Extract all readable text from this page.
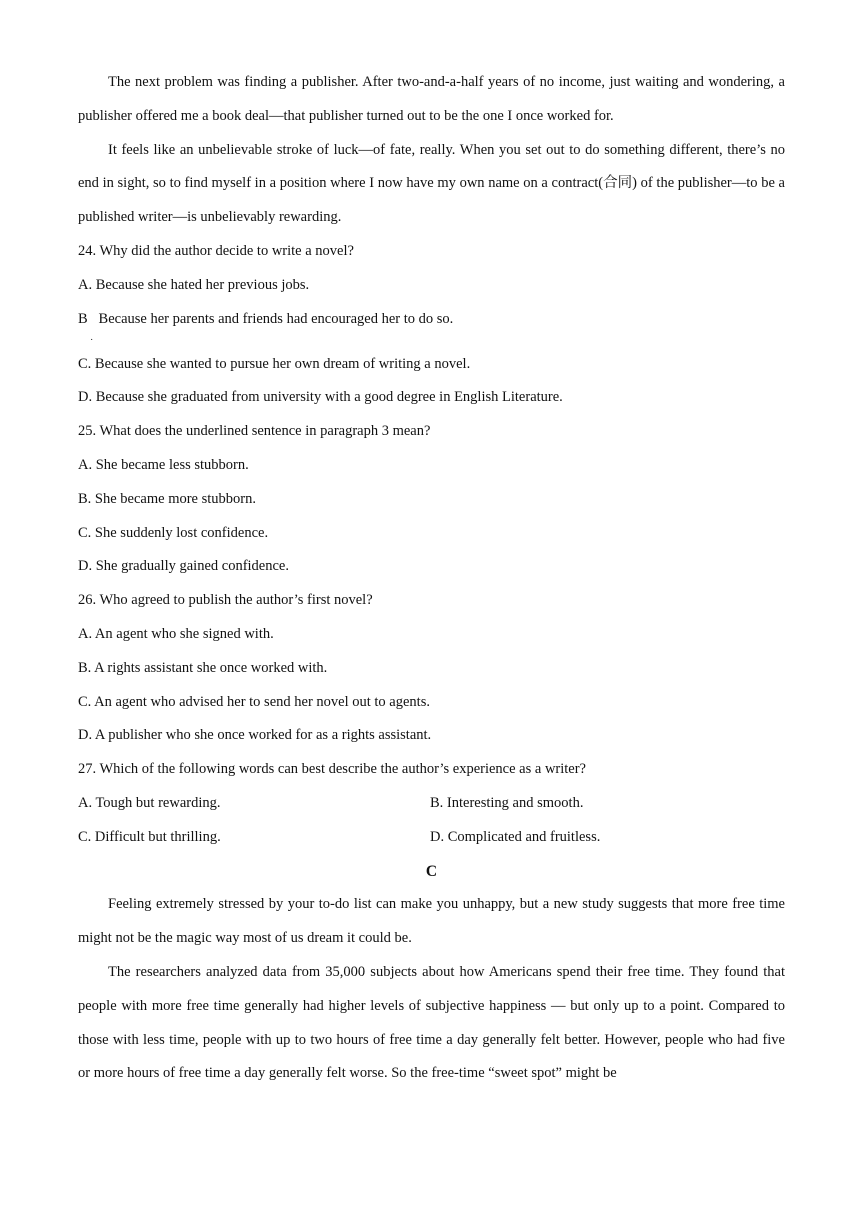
The next problem was finding a publisher. After two-and-a-half years of no income, just waiting and wondering, a publisher offered me a book deal—that publisher turned out to be the one I once worked for.

It feels like an unbelievable stroke of luck—of fate, really. When you set out to do something different, there’s no end in sight, so to find myself in a position where I now have my own name on a contract(合同) of the publisher—to be a published writer—is unbelievably rewarding.

24. Why did the author decide to write a novel?

A. Because she hated her previous jobs.

B Because her parents and friends had encouraged her to do so.
˙

C. Because she wanted to pursue her own dream of writing a novel.

D. Because she graduated from university with a good degree in English Literature.

25. What does the underlined sentence in paragraph 3 mean?

A. She became less stubborn.

B. She became more stubborn.

C. She suddenly lost confidence.

D. She gradually gained confidence.

26. Who agreed to publish the author’s first novel?

A. An agent who she signed with.

B. A rights assistant she once worked with.

C. An agent who advised her to send her novel out to agents.

D. A publisher who she once worked for as a rights assistant.

27. Which of the following words can best describe the author’s experience as a writer?

A. Tough but rewarding.	B. Interesting and smooth.
C. Difficult but thrilling.	D. Complicated and fruitless.

C

Feeling extremely stressed by your to-do list can make you unhappy, but a new study suggests that more free time might not be the magic way most of us dream it could be.

The researchers analyzed data from 35,000 subjects about how Americans spend their free time. They found that people with more free time generally had higher levels of subjective happiness — but only up to a point. Compared to those with less time, people with up to two hours of free time a day generally felt better. However, people who had five or more hours of free time a day generally felt worse. So the free-time “sweet spot” might be
